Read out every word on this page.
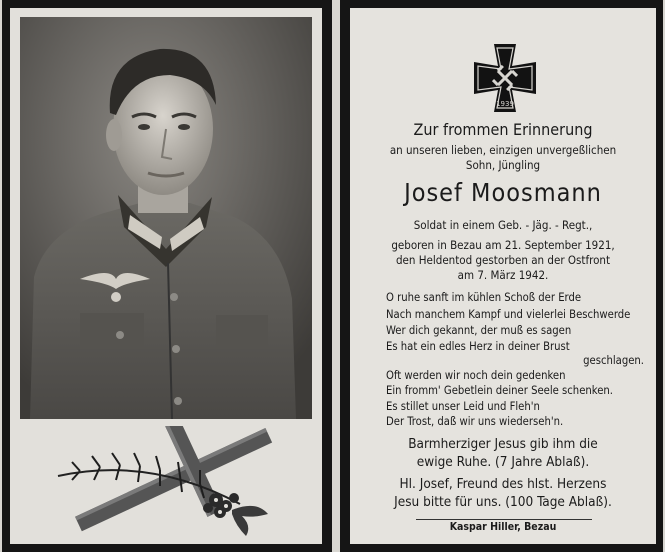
1939
Zur frommen Erinnerung
an unseren lieben, einzigen unvergeßlichen
Sohn, Jüngling
Josef Moosmann
Soldat in einem Geb. - Jäg. - Regt.,
geboren in Bezau am 21. September 1921,
den Heldentod gestorben an der Ostfront
am 7. März 1942.
O ruhe sanft im kühlen Schoß der Erde
Nach manchem Kampf und vielerlei Beschwerde
Wer dich gekannt, der muß es sagen
Es hat ein edles Herz in deiner Brust
geschlagen.
Oft werden wir noch dein gedenken
Ein fromm' Gebetlein deiner Seele schenken.
Es stillet unser Leid und Fleh'n
Der Trost, daß wir uns wiederseh'n.
Barmherziger Jesus gib ihm die
ewige Ruhe. (7 Jahre Ablaß).
Hl. Josef, Freund des hlst. Herzens
Jesu bitte für uns. (100 Tage Ablaß).
Kaspar Hiller, Bezau
